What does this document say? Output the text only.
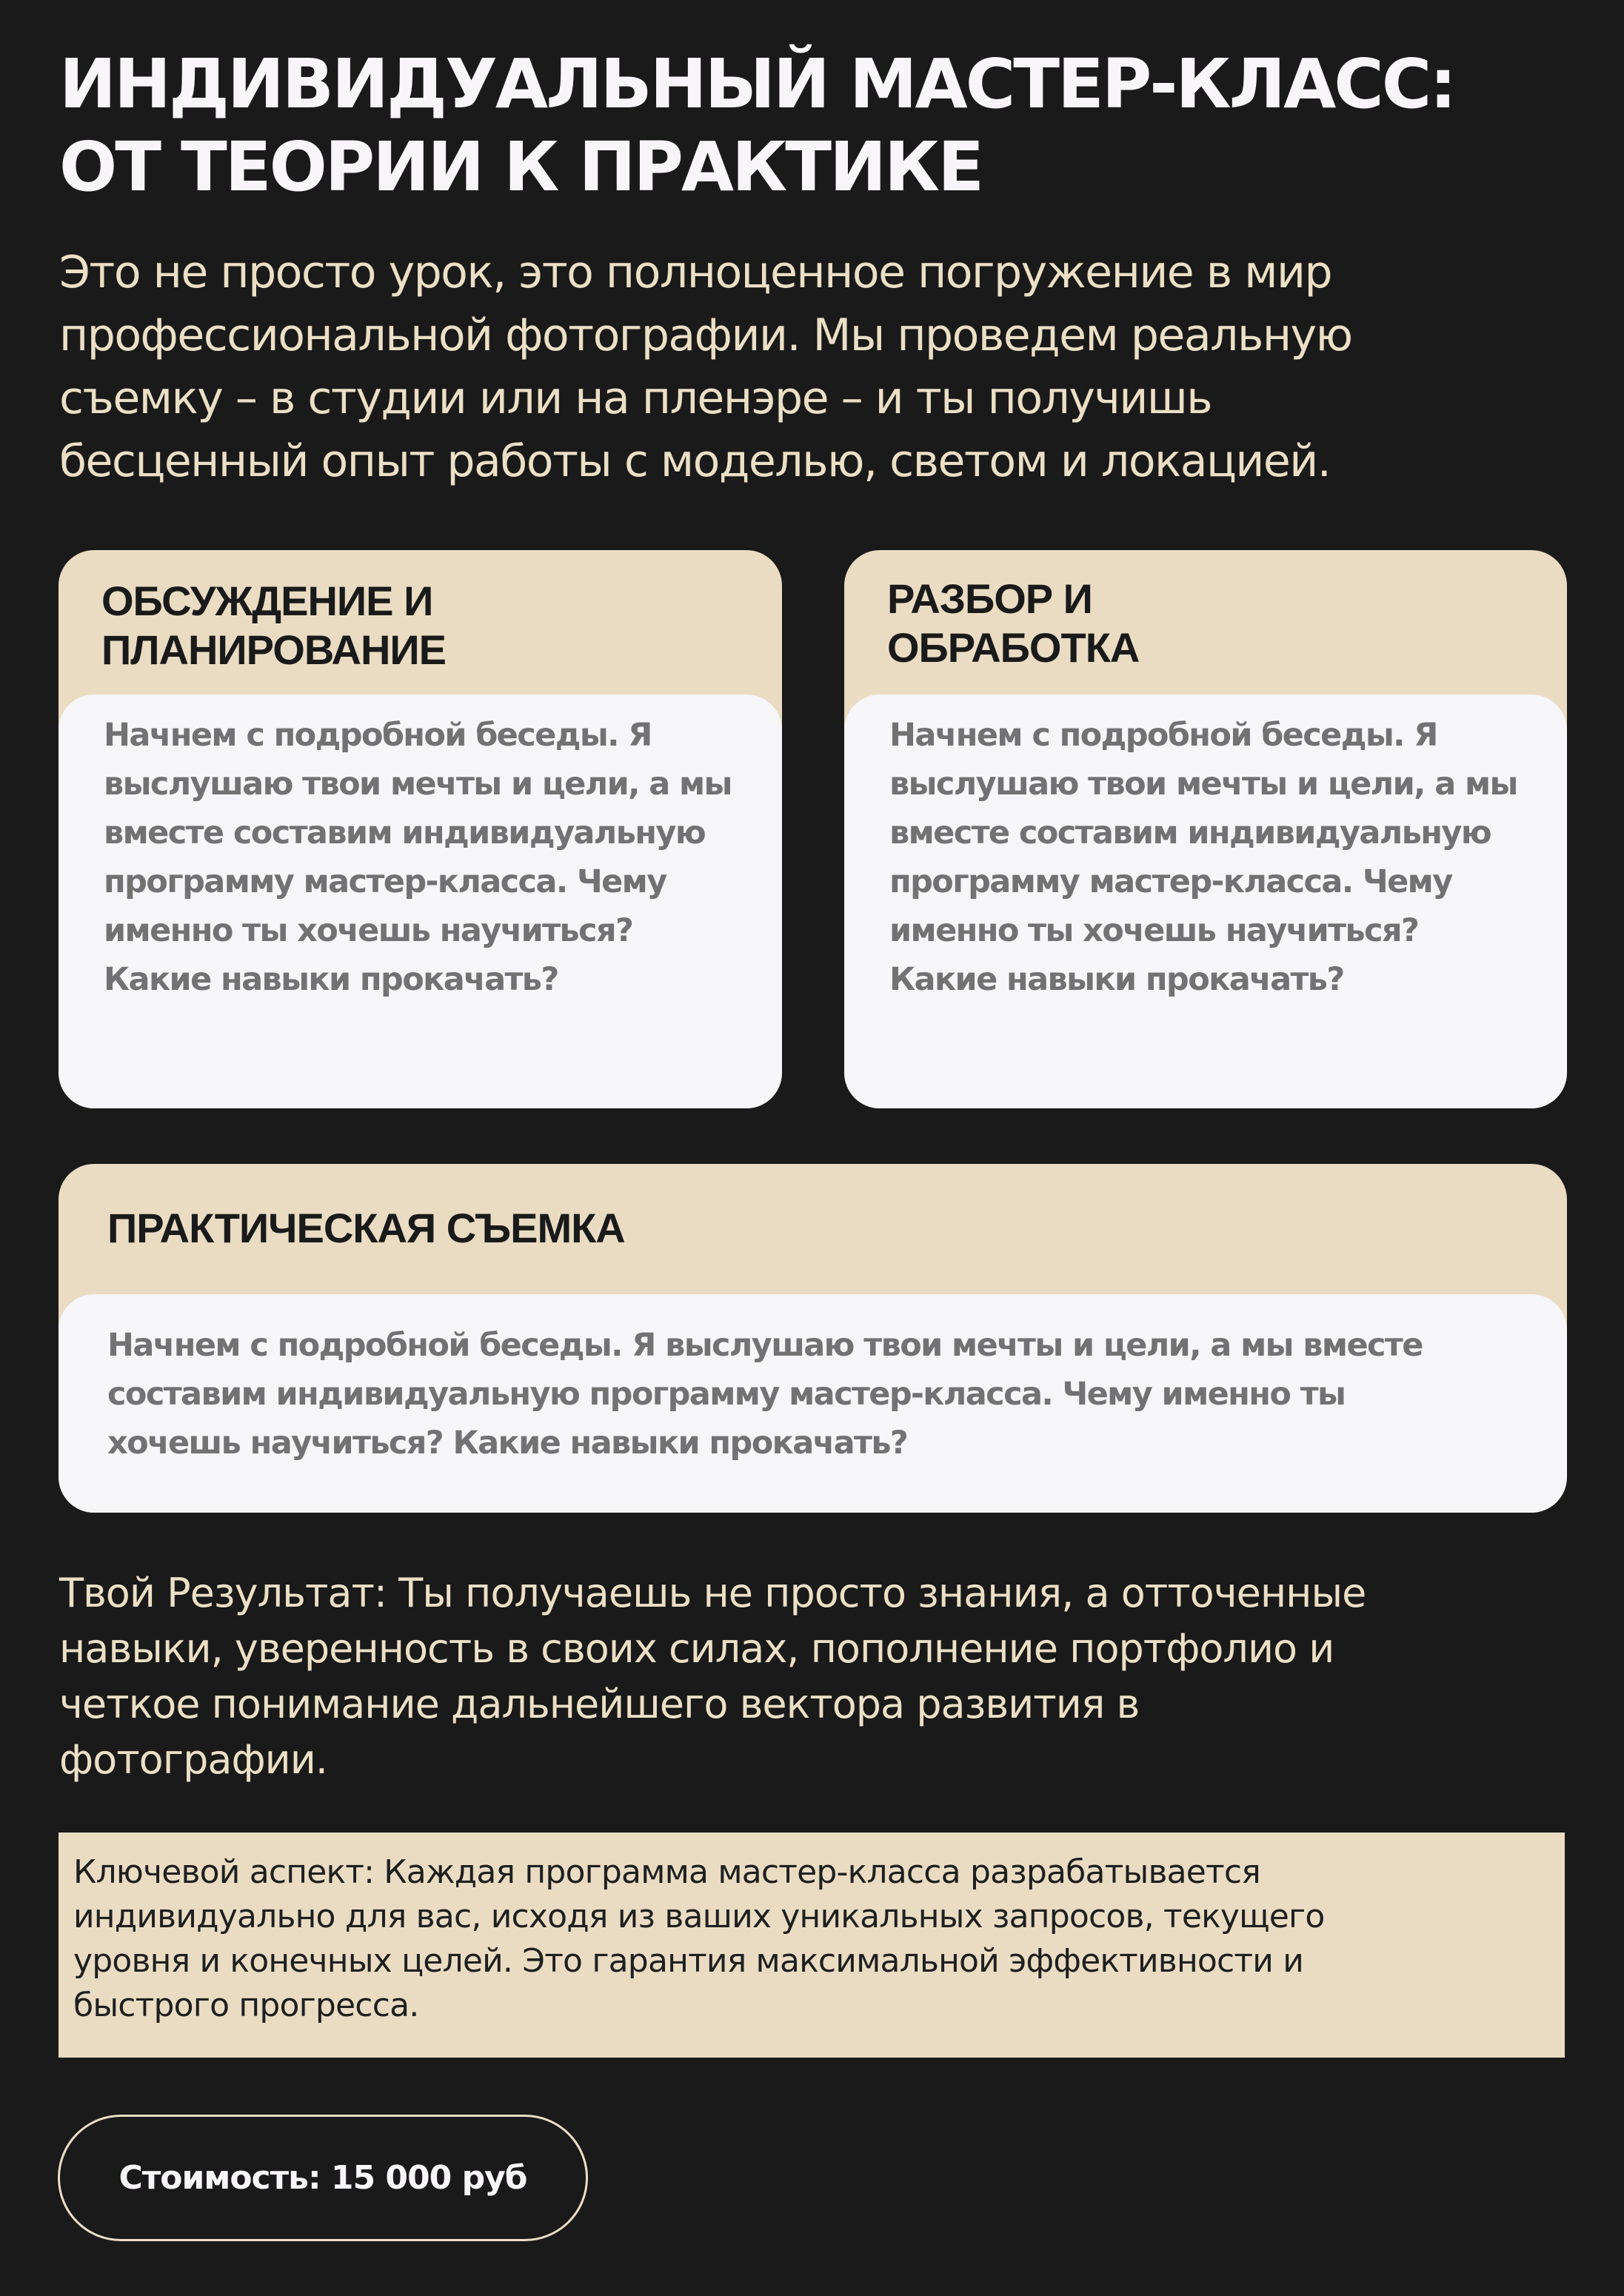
ИНДИВИДУАЛЬНЫЙ МАСТЕР-КЛАСС:
ОТ ТЕОРИИ К ПРАКТИКЕ

Это не просто урок, это полноценное погружение в мир
профессиональной фотографии. Мы проведем реальную
съемку – в студии или на пленэре – и ты получишь
бесценный опыт работы с моделью, светом и локацией.

ОБСУЖДЕНИЕ И
ПЛАНИРОВАНИЕ

Начнем с подробной беседы. Я
выслушаю твои мечты и цели, а мы
вместе составим индивидуальную
программу мастер-класса. Чему
именно ты хочешь научиться?
Какие навыки прокачать?

РАЗБОР И
ОБРАБОТКА

Начнем с подробной беседы. Я
выслушаю твои мечты и цели, а мы
вместе составим индивидуальную
программу мастер-класса. Чему
именно ты хочешь научиться?
Какие навыки прокачать?

ПРАКТИЧЕСКАЯ СЪЕМКА

Начнем с подробной беседы. Я выслушаю твои мечты и цели, а мы вместе
составим индивидуальную программу мастер-класса. Чему именно ты
хочешь научиться? Какие навыки прокачать?

Твой Результат: Ты получаешь не просто знания, а отточенные
навыки, уверенность в своих силах, пополнение портфолио и
четкое понимание дальнейшего вектора развития в
фотографии.

Ключевой аспект: Каждая программа мастер-класса разрабатывается
индивидуально для вас, исходя из ваших уникальных запросов, текущего
уровня и конечных целей. Это гарантия максимальной эффективности и
быстрого прогресса.

Стоимость: 15 000 руб
